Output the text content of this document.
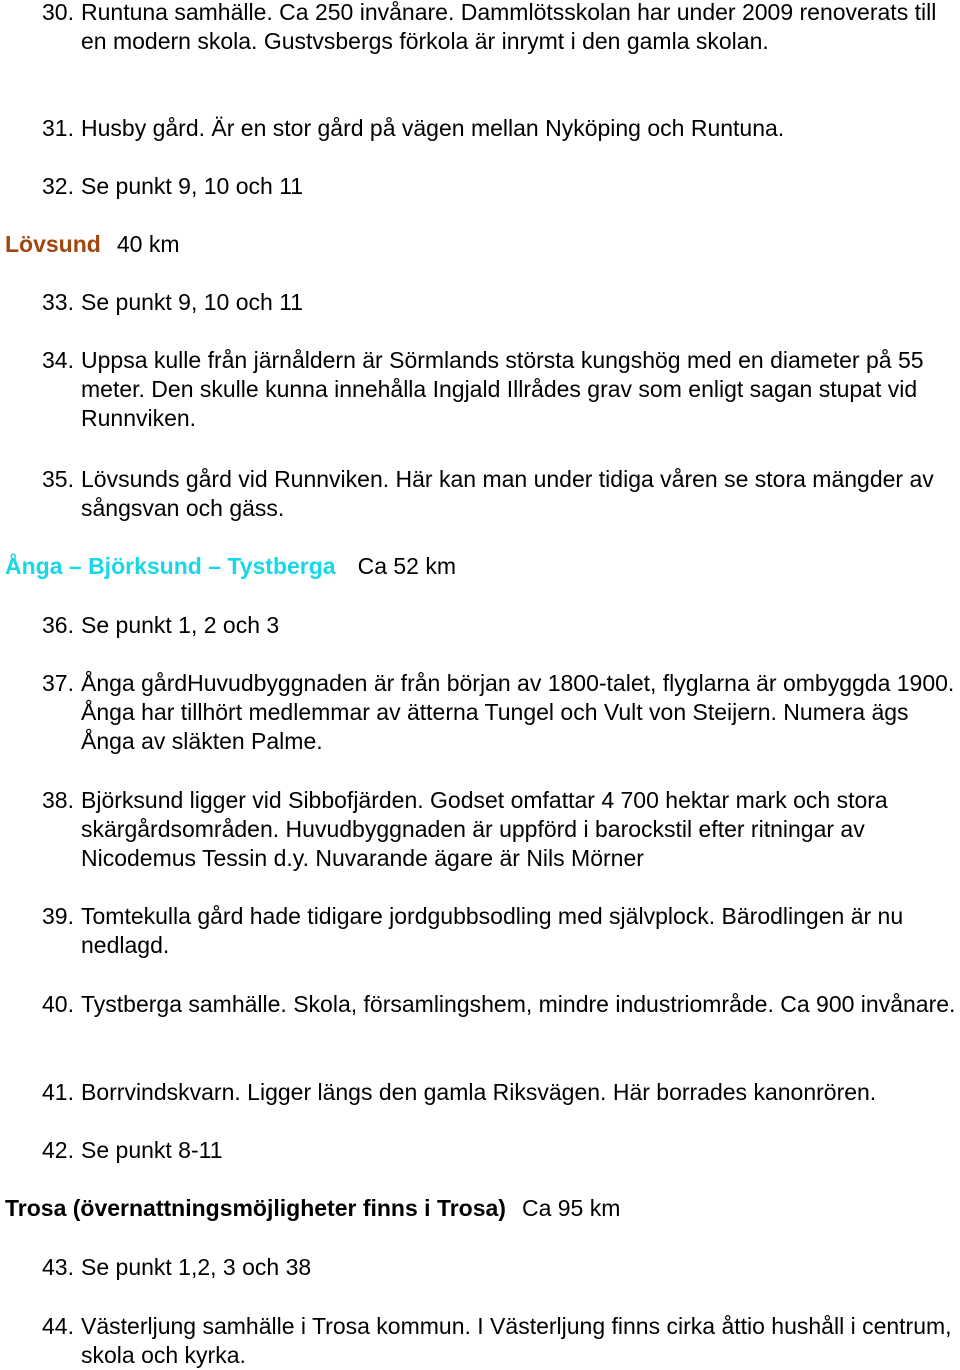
30. Runtuna samhälle. Ca 250 invånare. Dammlötsskolan har under 2009 renoverats till en modern skola. Gustvsbergs förkola är inrymt i den gamla skolan.
31. Husby gård. Är en stor gård på vägen mellan Nyköping och Runtuna.
32. Se punkt 9, 10 och 11
Lövsund 40 km
33. Se punkt 9, 10 och 11
34. Uppsa kulle från järnåldern är Sörmlands största kungshög med en diameter på 55 meter. Den skulle kunna innehålla Ingjald Illrådes grav som enligt sagan stupat vid Runnviken.
35. Lövsunds gård vid Runnviken. Här kan man under tidiga våren se stora mängder av sångsvan och gäss.
Ånga – Björksund – Tystberga Ca 52 km
36. Se punkt 1, 2 och 3
37. Ånga gårdHuvudbyggnaden är från början av 1800-talet, flyglarna är ombyggda 1900. Ånga har tillhört medlemmar av ätterna Tungel och Vult von Steijern. Numera ägs Ånga av släkten Palme.
38. Björksund ligger vid Sibbofjärden. Godset omfattar 4 700 hektar mark och stora skärgårdsområden. Huvudbyggnaden är uppförd i barockstil efter ritningar av Nicodemus Tessin d.y. Nuvarande ägare är Nils Mörner
39. Tomtekulla gård hade tidigare jordgubbsodling med självplock. Bärodlingen är nu nedlagd.
40. Tystberga samhälle. Skola, församlingshem, mindre industriområde. Ca 900 invånare.
41. Borrvindskvarn. Ligger längs den gamla Riksvägen. Här borrades kanonrören.
42. Se punkt 8-11
Trosa (övernattningsmöjligheter finns i Trosa) Ca 95 km
43. Se punkt 1,2, 3 och 38
44. Västerljung samhälle i Trosa kommun. I Västerljung finns cirka åttio hushåll i centrum, skola och kyrka.
